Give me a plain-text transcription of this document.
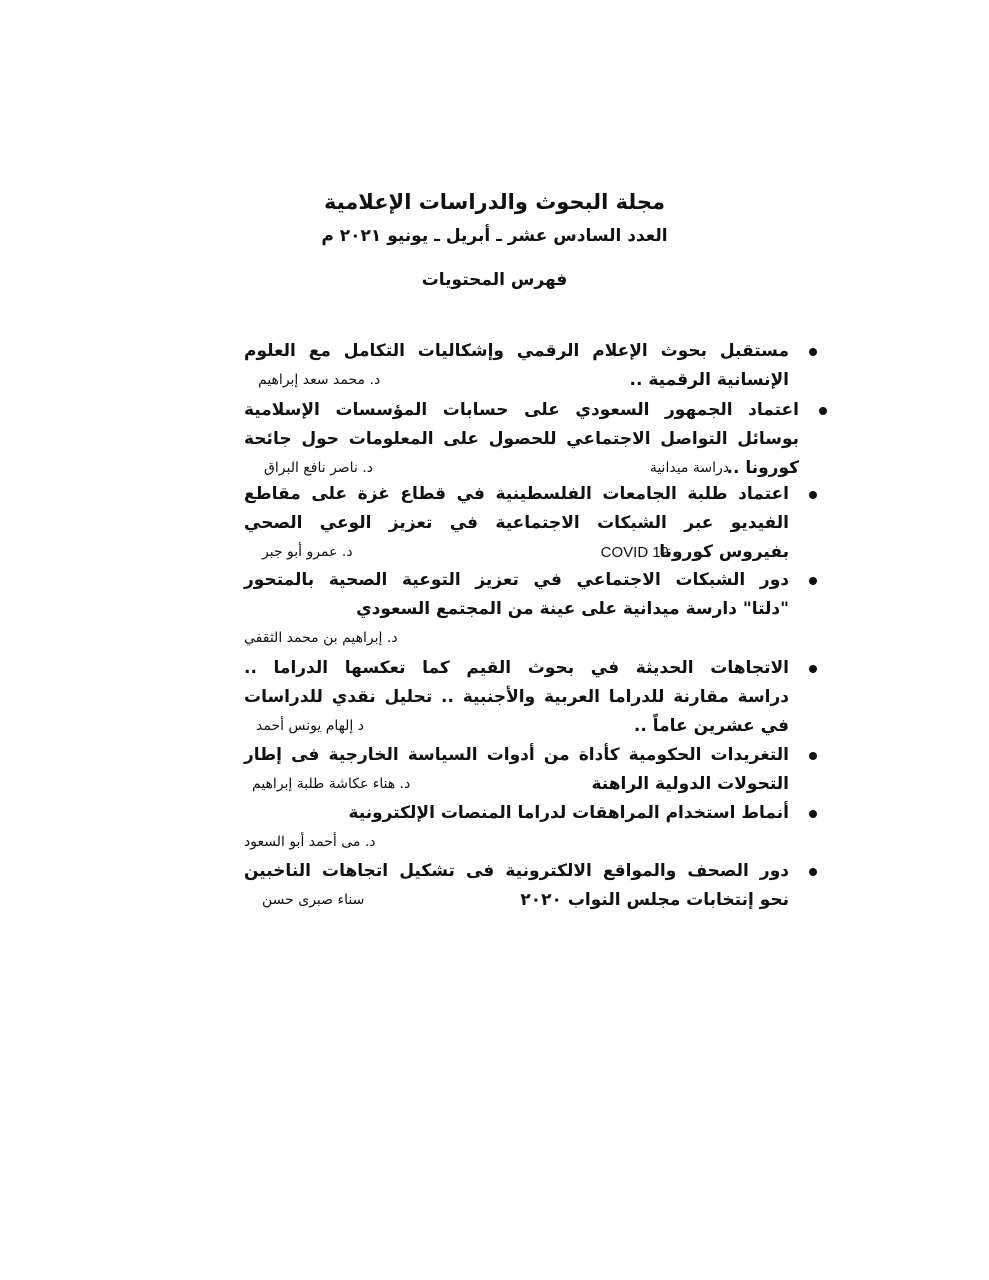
مجلة البحوث والدراسات الإعلامية
العدد السادس عشر ـ أبريل ـ يونيو ٢٠٢١ م
فهرس المحتويات
مستقبل بحوث الإعلام الرقمي وإشكاليات التكامل مع العلوم
الإنسانية الرقمية ..
د. محمد سعد إبراهيم
اعتماد الجمهور السعودي على حسابات المؤسسات الإسلامية
بوسائل التواصل الاجتماعي للحصول على المعلومات حول جائحة
كورونا ..
دراسة ميدانية
د. ناصر نافع البراق
اعتماد طلبة الجامعات الفلسطينية في قطاع غزة على مقاطع
الفيديو عبر الشبكات الاجتماعية في تعزيز الوعي الصحي
بفيروس كورونا
COVID 19
د. عمرو أبو جبر
دور الشبكات الاجتماعي في تعزيز التوعية الصحية بالمتحور
"دلتا" دارسة ميدانية على عينة من المجتمع السعودي
د. إبراهيم بن محمد الثقفي
الاتجاهات الحديثة في بحوث القيم كما تعكسها الدراما ..
دراسة مقارنة للدراما العربية والأجنبية .. تحليل نقدي للدراسات
في عشرين عاماً ..
د إلهام يونس أحمد
التغريدات الحكومية كأداة من أدوات السياسة الخارجية فى إطار
التحولات الدولية الراهنة
د. هناء عكاشة طلبة إبراهيم
أنماط استخدام المراهقات لدراما المنصات الإلكترونية
د. مى أحمد أبو السعود
دور الصحف والمواقع الالكترونية فى تشكيل اتجاهات الناخبين
نحو إنتخابات مجلس النواب ٢٠٢٠
سناء صبرى حسن
